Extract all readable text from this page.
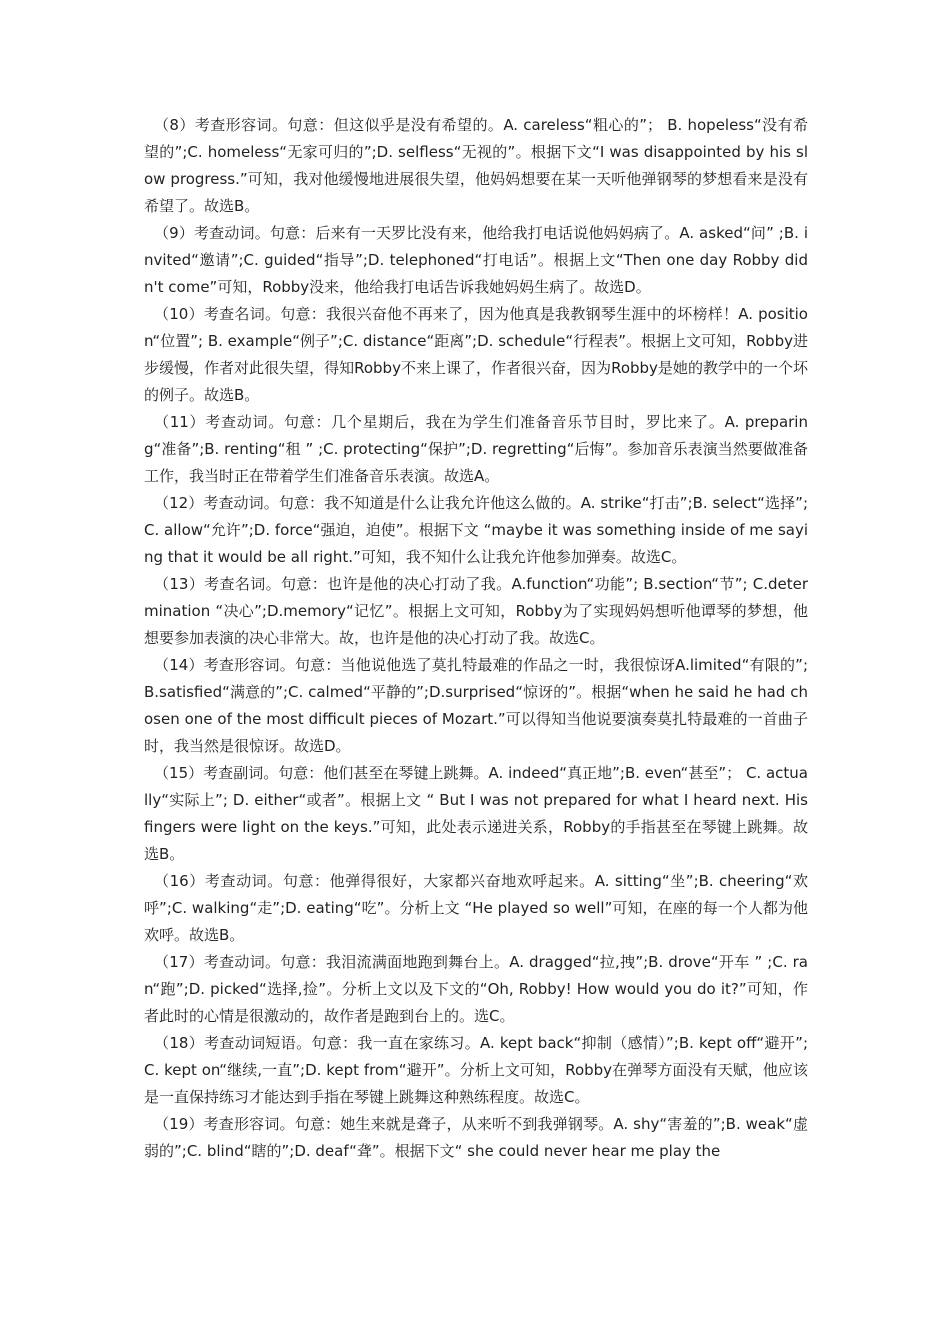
（8）考查形容词。句意：但这似乎是没有希望的。A. careless“粗心的”； B. hopeless“没有希望的”;C. homeless“无家可归的”;D. selfless“无视的”。根据下文“I was disappointed by his slow progress.”可知，我对他缓慢地进展很失望，他妈妈想要在某一天听他弹钢琴的梦想看来是没有希望了。故选B。

（9）考查动词。句意：后来有一天罗比没有来，他给我打电话说他妈妈病了。A. asked“问” ;B. invited“邀请”;C. guided“指导”;D. telephoned“打电话”。根据上文“Then one day Robby didn't come”可知，Robby没来，他给我打电话告诉我她妈妈生病了。故选D。

（10）考查名词。句意：我很兴奋他不再来了，因为他真是我教钢琴生涯中的坏榜样！A. position“位置”; B. example“例子”;C. distance“距离”;D. schedule“行程表”。根据上文可知，Robby进步缓慢，作者对此很失望，得知Robby不来上课了，作者很兴奋，因为Robby是她的教学中的一个坏的例子。故选B。

（11）考查动词。句意：几个星期后，我在为学生们准备音乐节目时，罗比来了。A. preparing“准备”;B. renting“租 ” ;C. protecting“保护”;D. regretting“后悔”。参加音乐表演当然要做准备工作，我当时正在带着学生们准备音乐表演。故选A。

（12）考查动词。句意：我不知道是什么让我允许他这么做的。A. strike“打击”;B. select“选择”;C. allow“允许”;D. force“强迫，迫使”。根据下文 “maybe it was something inside of me saying that it would be all right.”可知，我不知什么让我允许他参加弹奏。故选C。

（13）考查名词。句意：也许是他的决心打动了我。A.function“功能”; B.section“节”; C.determination “决心”;D.memory“记忆”。根据上文可知，Robby为了实现妈妈想听他谭琴的梦想，他想要参加表演的决心非常大。故，也许是他的决心打动了我。故选C。

（14）考查形容词。句意：当他说他选了莫扎特最难的作品之一时，我很惊讶A.limited“有限的”;B.satisfied“满意的”;C. calmed“平静的”;D.surprised“惊讶的”。根据“when he said he had chosen one of the most difficult pieces of Mozart.”可以得知当他说要演奏莫扎特最难的一首曲子时，我当然是很惊讶。故选D。

（15）考查副词。句意：他们甚至在琴键上跳舞。A. indeed“真正地”;B. even“甚至”； C. actually“实际上”; D. either“或者”。根据上文 “ But I was not prepared for what I heard next. His fingers were light on the keys.”可知，此处表示递进关系，Robby的手指甚至在琴键上跳舞。故选B。

（16）考查动词。句意：他弹得很好，大家都兴奋地欢呼起来。A. sitting“坐”;B. cheering“欢呼”;C. walking“走”;D. eating“吃”。分析上文 “He played so well”可知，在座的每一个人都为他欢呼。故选B。

（17）考查动词。句意：我泪流满面地跑到舞台上。A. dragged“拉,拽”;B. drove“开车 ” ;C. ran“跑”;D. picked“选择,捡”。分析上文以及下文的“Oh, Robby! How would you do it?”可知，作者此时的心情是很激动的，故作者是跑到台上的。选C。

（18）考查动词短语。句意：我一直在家练习。A. kept back“抑制（感情）”;B. kept off“避开”;C. kept on“继续,一直”;D. kept from“避开”。分析上文可知，Robby在弹琴方面没有天赋，他应该是一直保持练习才能达到手指在琴键上跳舞这种熟练程度。故选C。

（19）考查形容词。句意：她生来就是聋子，从来听不到我弹钢琴。A. shy“害羞的”;B. weak“虚弱的”;C. blind“瞎的”;D. deaf“聋”。根据下文“ she could never hear me play the
